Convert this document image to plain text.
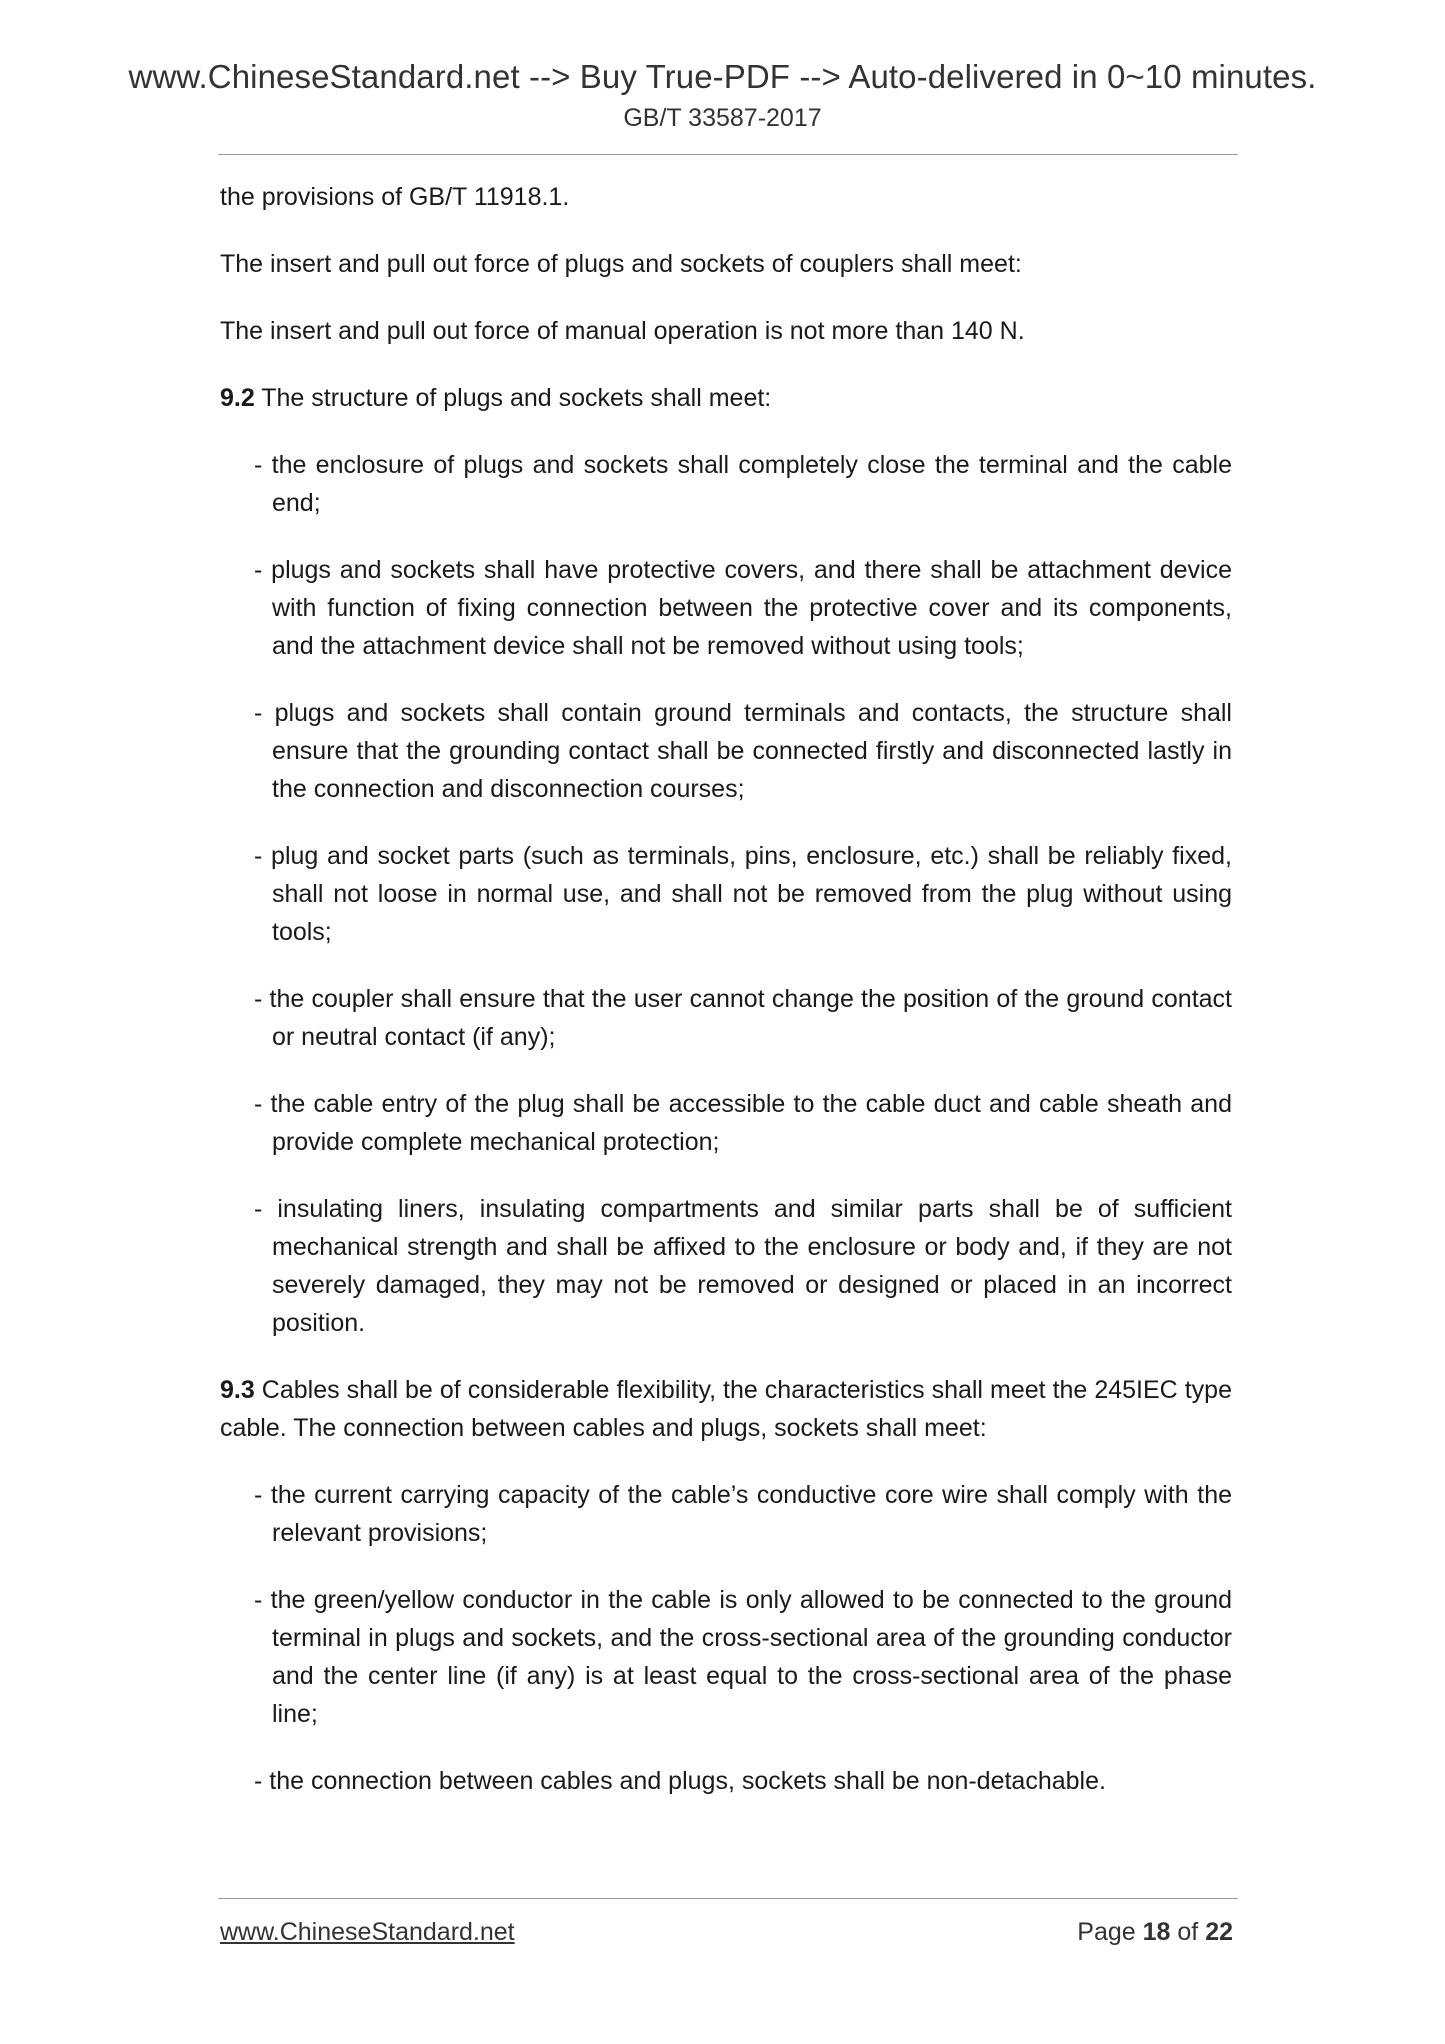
www.ChineseStandard.net --> Buy True-PDF --> Auto-delivered in 0~10 minutes.
GB/T 33587-2017

the provisions of GB/T 11918.1.

The insert and pull out force of plugs and sockets of couplers shall meet:

The insert and pull out force of manual operation is not more than 140 N.

9.2 The structure of plugs and sockets shall meet:

- the enclosure of plugs and sockets shall completely close the terminal and the cable end;

- plugs and sockets shall have protective covers, and there shall be attachment device with function of fixing connection between the protective cover and its components, and the attachment device shall not be removed without using tools;

- plugs and sockets shall contain ground terminals and contacts, the structure shall ensure that the grounding contact shall be connected firstly and disconnected lastly in the connection and disconnection courses;

- plug and socket parts (such as terminals, pins, enclosure, etc.) shall be reliably fixed, shall not loose in normal use, and shall not be removed from the plug without using tools;

- the coupler shall ensure that the user cannot change the position of the ground contact or neutral contact (if any);

- the cable entry of the plug shall be accessible to the cable duct and cable sheath and provide complete mechanical protection;

- insulating liners, insulating compartments and similar parts shall be of sufficient mechanical strength and shall be affixed to the enclosure or body and, if they are not severely damaged, they may not be removed or designed or placed in an incorrect position.

9.3 Cables shall be of considerable flexibility, the characteristics shall meet the 245IEC type cable. The connection between cables and plugs, sockets shall meet:

- the current carrying capacity of the cable’s conductive core wire shall comply with the relevant provisions;

- the green/yellow conductor in the cable is only allowed to be connected to the ground terminal in plugs and sockets, and the cross-sectional area of the grounding conductor and the center line (if any) is at least equal to the cross-sectional area of the phase line;

- the connection between cables and plugs, sockets shall be non-detachable.

www.ChineseStandard.net	Page 18 of 22
